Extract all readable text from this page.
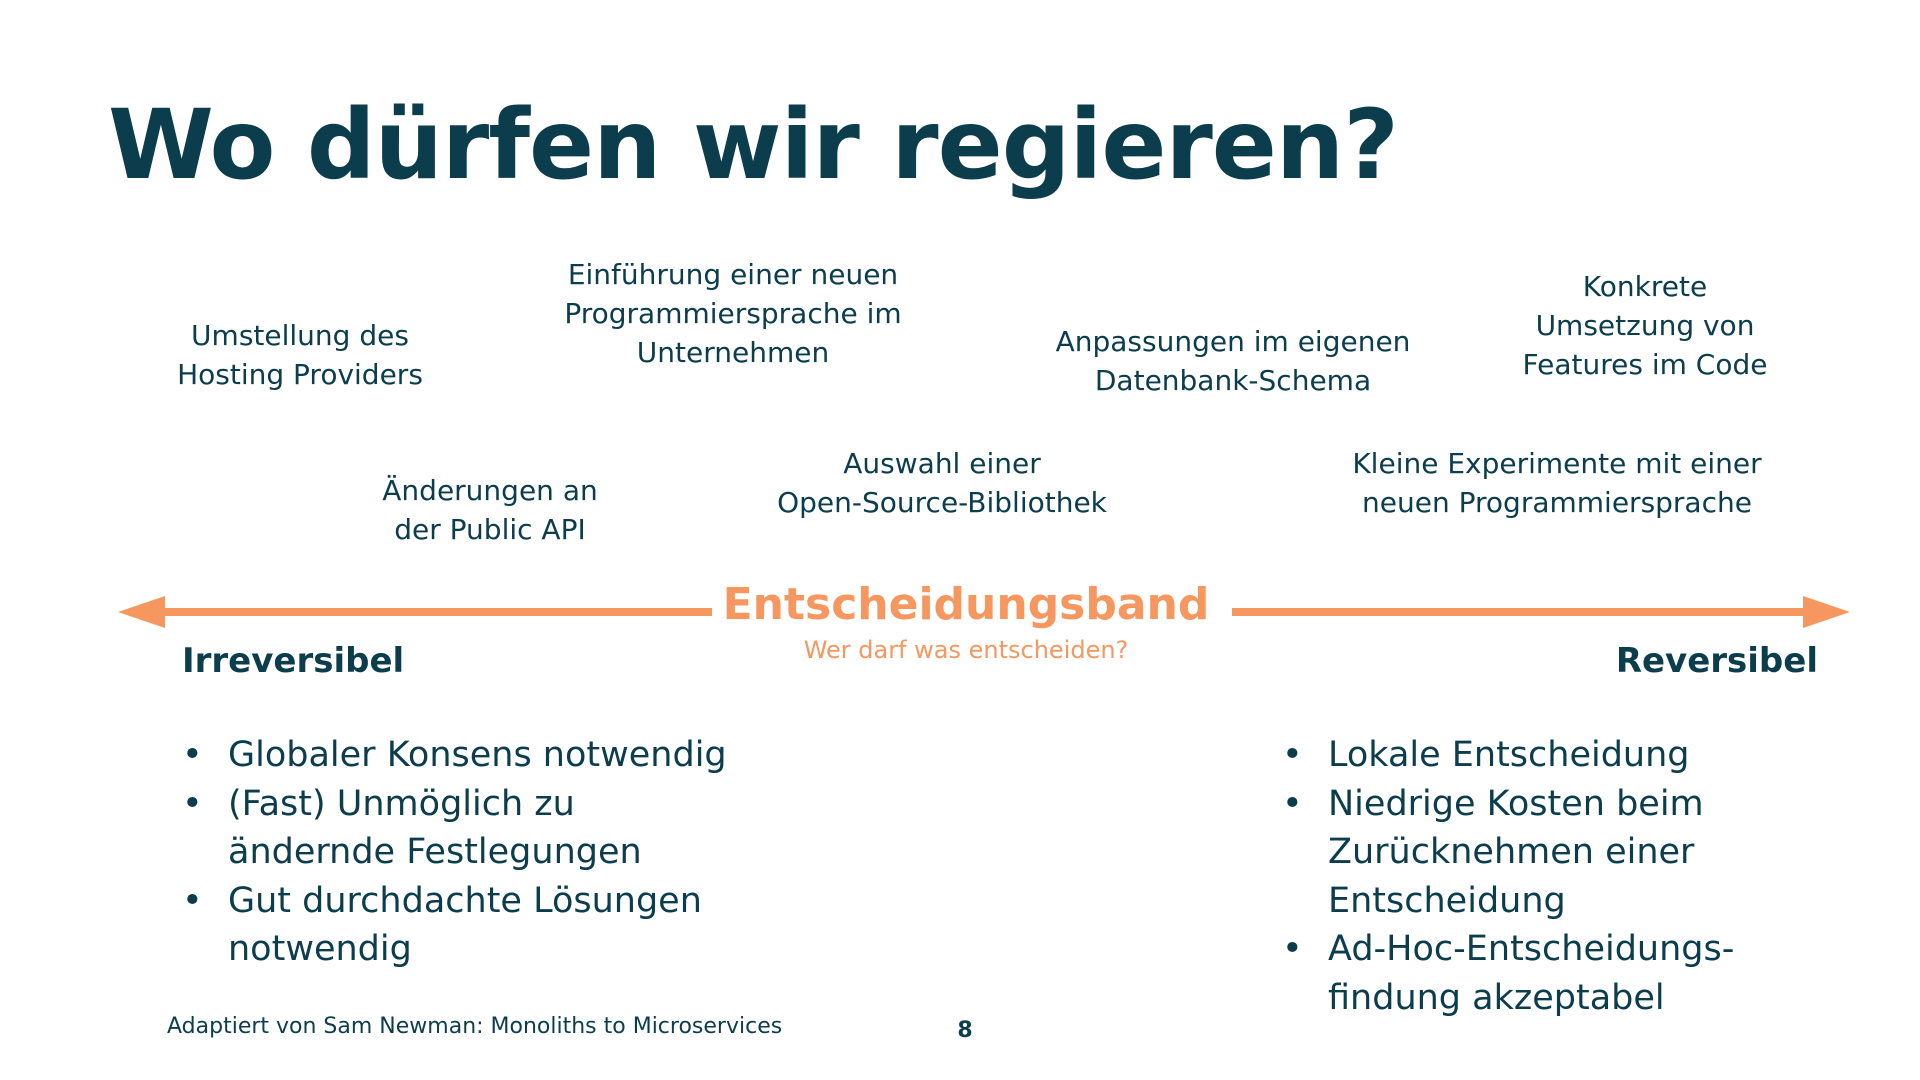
Wo dürfen wir regieren?
Umstellung des
Hosting Providers
Einführung einer neuen
Programmiersprache im
Unternehmen	Anpassungen im eigenen
Datenbank-Schema
Konkrete
Umsetzung von
Features im Code
Änderungen an
der Public API
Auswahl einer
Open-Source-Bibliothek
Kleine Experimente mit einer
neuen Programmiersprache
Entscheidungsband
Wer darf was entscheiden?
Irreversibel	Reversibel
• Globaler Konsens notwendig
• (Fast) Unmöglich zu
ändernde Festlegungen
• Gut durchdachte Lösungen
notwendig
• Lokale Entscheidung
• Niedrige Kosten beim
Zurücknehmen einer
Entscheidung
• Ad-Hoc-Entscheidungs-
findung akzeptabel
Adaptiert von Sam Newman: Monoliths to Microservices	8
